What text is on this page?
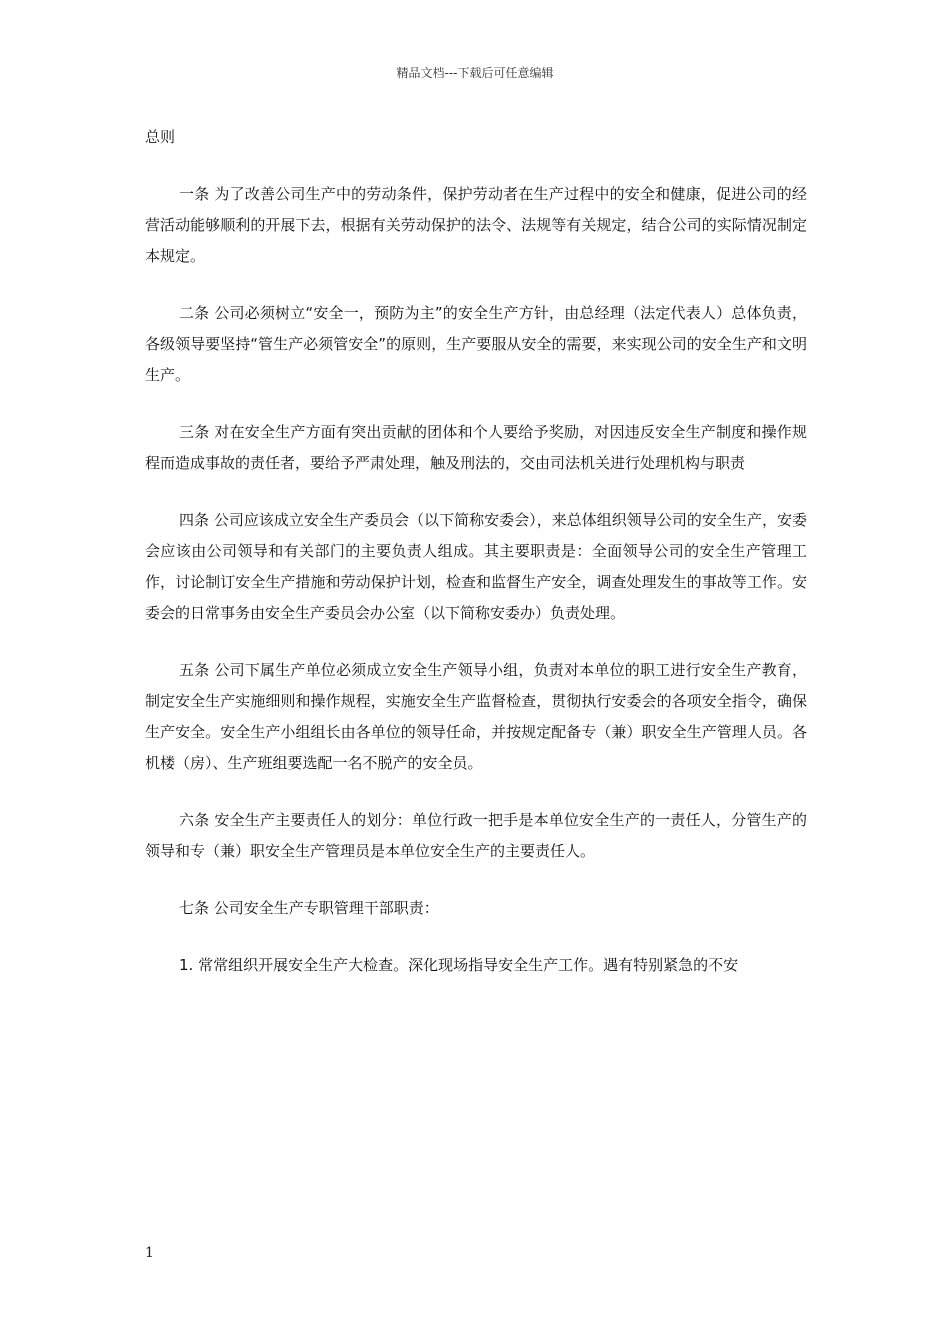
精品文档---下载后可任意编辑
总则

一条 为了改善公司生产中的劳动条件，保护劳动者在生产过程中的安全和健康，促进公司的经营活动能够顺利的开展下去，根据有关劳动保护的法令、法规等有关规定，结合公司的实际情况制定本规定。

二条 公司必须树立“安全一，预防为主”的安全生产方针，由总经理（法定代表人）总体负责，各级领导要坚持“管生产必须管安全”的原则，生产要服从安全的需要，来实现公司的安全生产和文明生产。

三条 对在安全生产方面有突出贡献的团体和个人要给予奖励，对因违反安全生产制度和操作规程而造成事故的责任者，要给予严肃处理，触及刑法的，交由司法机关进行处理机构与职责

四条 公司应该成立安全生产委员会（以下简称安委会），来总体组织领导公司的安全生产，安委会应该由公司领导和有关部门的主要负责人组成。其主要职责是：全面领导公司的安全生产管理工作，讨论制订安全生产措施和劳动保护计划，检查和监督生产安全，调查处理发生的事故等工作。安委会的日常事务由安全生产委员会办公室（以下简称安委办）负责处理。

五条 公司下属生产单位必须成立安全生产领导小组，负责对本单位的职工进行安全生产教育，制定安全生产实施细则和操作规程，实施安全生产监督检查，贯彻执行安委会的各项安全指令，确保生产安全。安全生产小组组长由各单位的领导任命，并按规定配备专（兼）职安全生产管理人员。各机楼（房）、生产班组要选配一名不脱产的安全员。

六条 安全生产主要责任人的划分：单位行政一把手是本单位安全生产的一责任人，分管生产的领导和专（兼）职安全生产管理员是本单位安全生产的主要责任人。

七条 公司安全生产专职管理干部职责：

1. 常常组织开展安全生产大检查。深化现场指导安全生产工作。遇有特别紧急的不安

1
